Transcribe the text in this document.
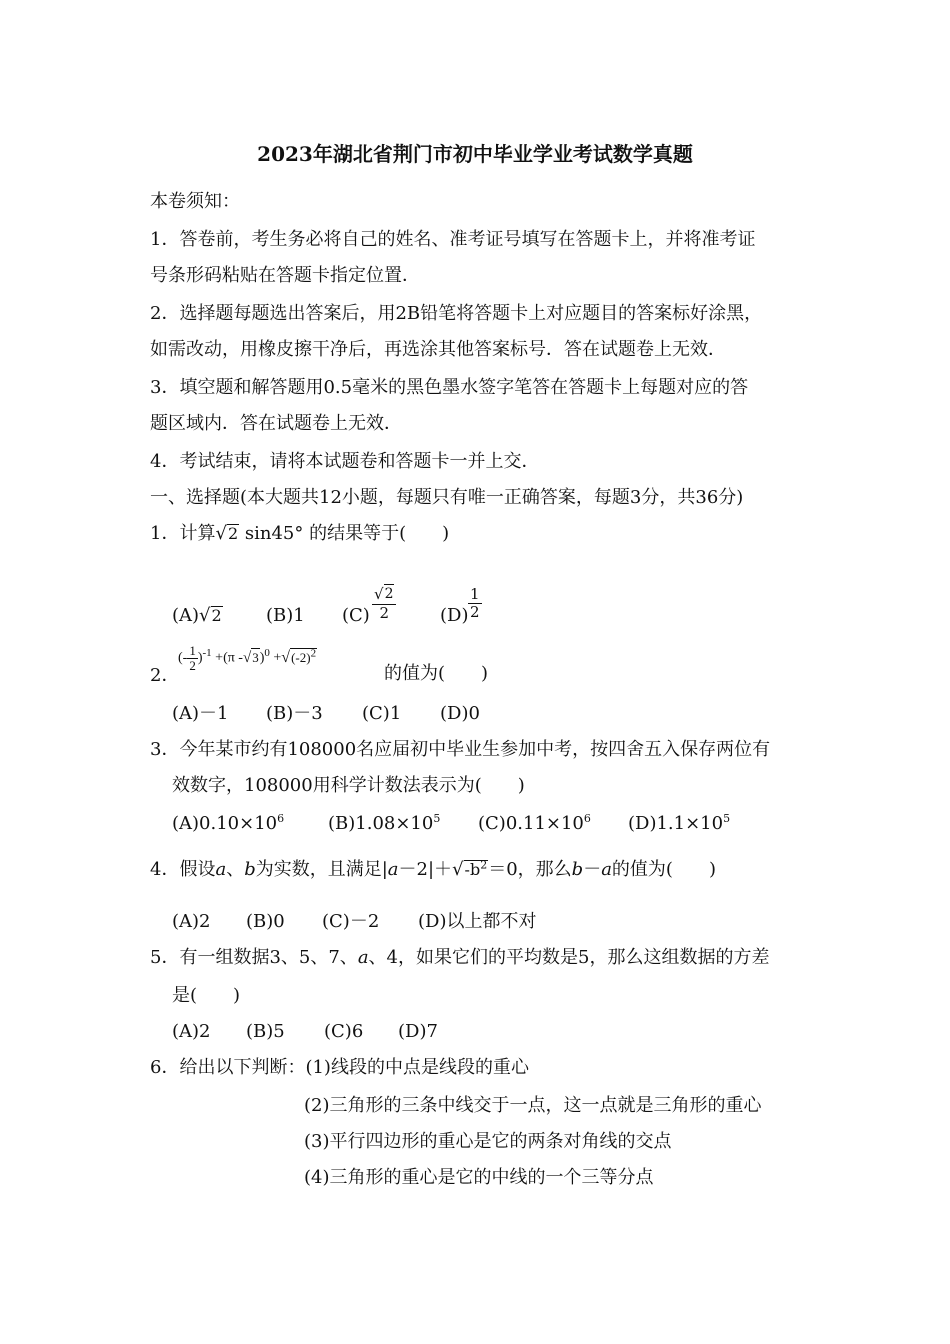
2023年湖北省荆门市初中毕业学业考试数学真题
本卷须知：
1．答卷前，考生务必将自己的姓名、准考证号填写在答题卡上，并将准考证
号条形码粘贴在答题卡指定位置．
2．选择题每题选出答案后，用2B铅笔将答题卡上对应题目的答案标好涂黑，
如需改动，用橡皮擦干净后，再选涂其他答案标号．答在试题卷上无效．
3．填空题和解答题用0.5毫米的黑色墨水签字笔答在答题卡上每题对应的答
题区域内．答在试题卷上无效．
4．考试结束，请将本试题卷和答题卡一并上交．
一、选择题(本大题共12小题，每题只有唯一正确答案，每题3分，共36分)
1．计算 √ 2 sin45° 的结果等于(　　)
(A) √ 2 (B)1 $(C) \frac{√ 2}{2} (D) \frac{1}{2}$
2．
(- $\frac{1}{2} )^{-1} +(\pi$ - √ 3 )$^0$ + √ $(-2)^2$
的值为(　　)
(A)－1 (B)－3 (C)1 (D)0
3．今年某市约有108000名应届初中毕业生参加中考，按四舍五入保存两位有
效数字，108000用科学计数法表示为(　　)
$(A)0.10\times 10^6$ $(B)1.08\times 10^5$ $(C)0.11\times 10^6$ $(D)1.1\times 10^5$
4．假设a、b为实数，且满足|a－2|＋ √ $-b^2 =0$，那么b－a的值为(　　)
(A)2 (B)0 (C)－2 (D)以上都不对
5．有一组数据3、5、7、a、4，如果它们的平均数是5，那么这组数据的方差
是(　　)
(A)2 (B)5 (C)6 (D)7
6．给出以下判断：(1)线段的中点是线段的重心
(2)三角形的三条中线交于一点，这一点就是三角形的重心
(3)平行四边形的重心是它的两条对角线的交点
(4)三角形的重心是它的中线的一个三等分点
